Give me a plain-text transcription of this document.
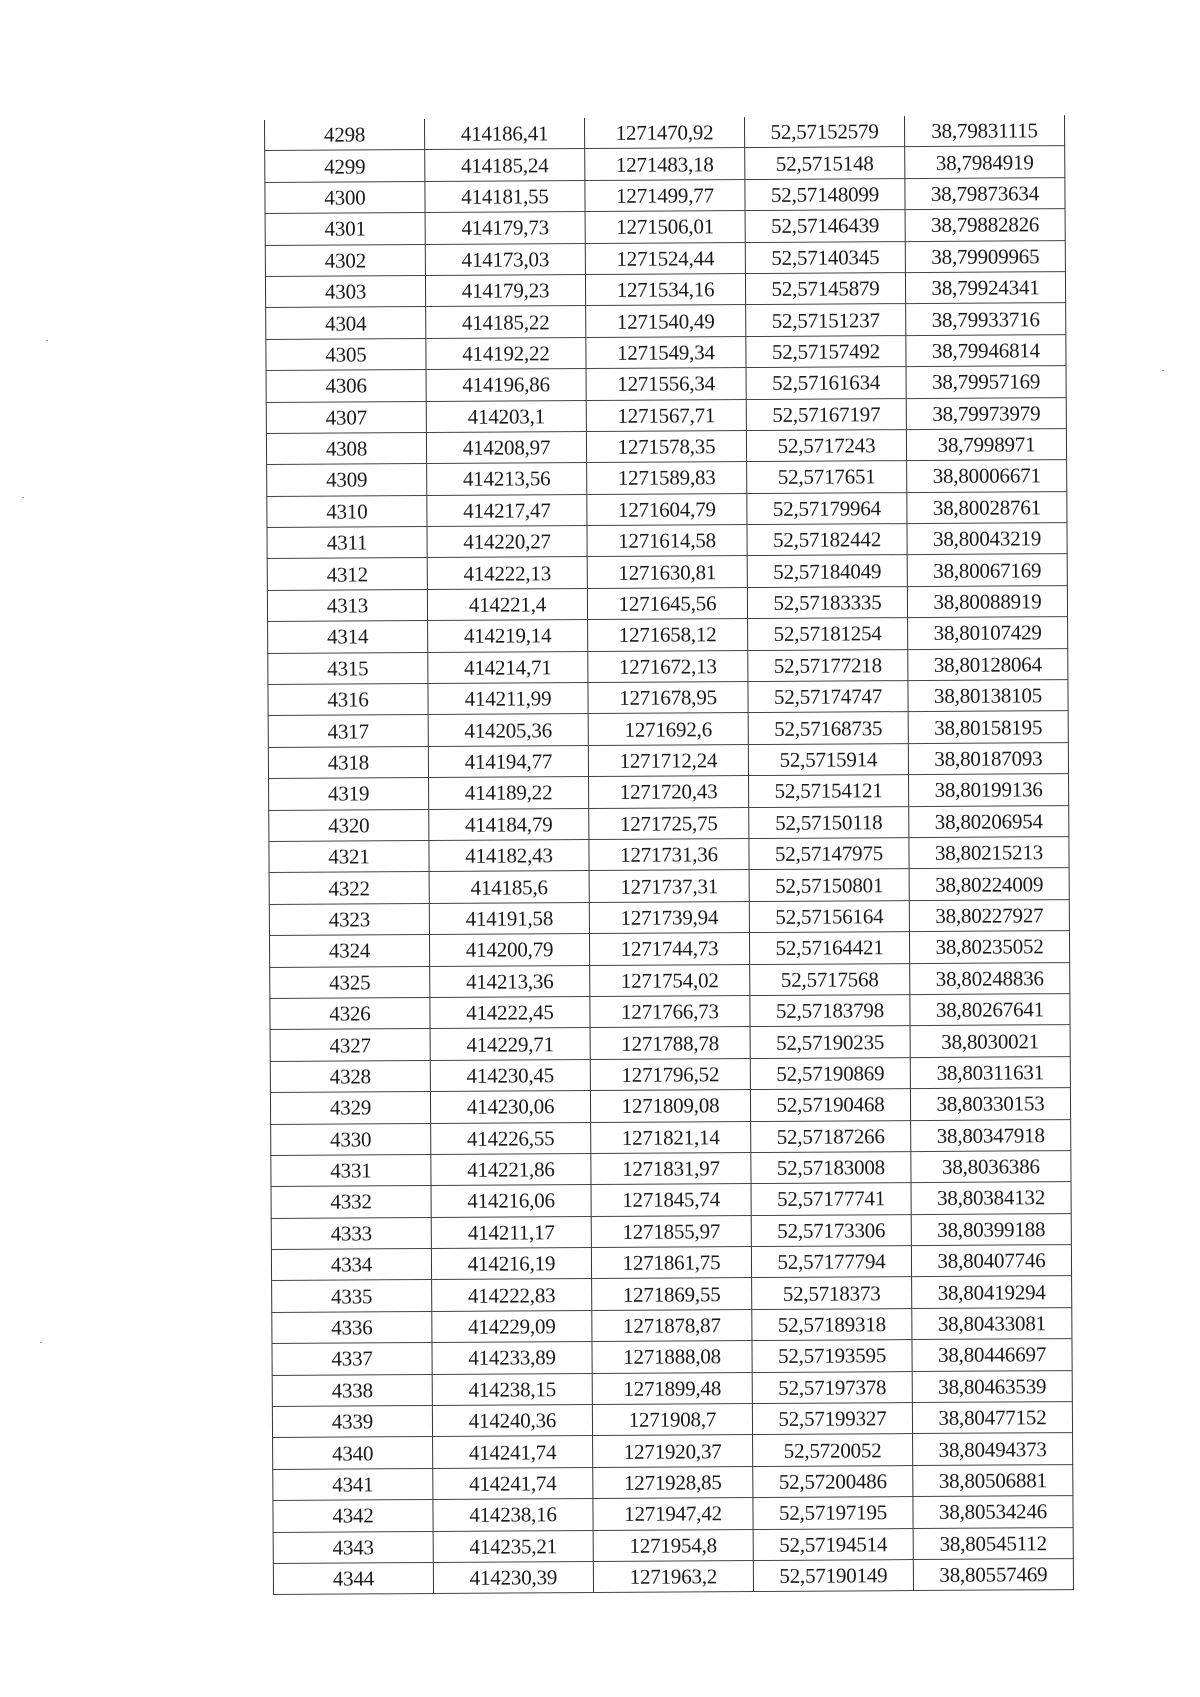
4298	414186,41	1271470,92	52,57152579	38,79831115
4299	414185,24	1271483,18	52,5715148	38,7984919
4300	414181,55	1271499,77	52,57148099	38,79873634
4301	414179,73	1271506,01	52,57146439	38,79882826
4302	414173,03	1271524,44	52,57140345	38,79909965
4303	414179,23	1271534,16	52,57145879	38,79924341
4304	414185,22	1271540,49	52,57151237	38,79933716
4305	414192,22	1271549,34	52,57157492	38,79946814
4306	414196,86	1271556,34	52,57161634	38,79957169
4307	414203,1	1271567,71	52,57167197	38,79973979
4308	414208,97	1271578,35	52,5717243	38,7998971
4309	414213,56	1271589,83	52,5717651	38,80006671
4310	414217,47	1271604,79	52,57179964	38,80028761
4311	414220,27	1271614,58	52,57182442	38,80043219
4312	414222,13	1271630,81	52,57184049	38,80067169
4313	414221,4	1271645,56	52,57183335	38,80088919
4314	414219,14	1271658,12	52,57181254	38,80107429
4315	414214,71	1271672,13	52,57177218	38,80128064
4316	414211,99	1271678,95	52,57174747	38,80138105
4317	414205,36	1271692,6	52,57168735	38,80158195
4318	414194,77	1271712,24	52,5715914	38,80187093
4319	414189,22	1271720,43	52,57154121	38,80199136
4320	414184,79	1271725,75	52,57150118	38,80206954
4321	414182,43	1271731,36	52,57147975	38,80215213
4322	414185,6	1271737,31	52,57150801	38,80224009
4323	414191,58	1271739,94	52,57156164	38,80227927
4324	414200,79	1271744,73	52,57164421	38,80235052
4325	414213,36	1271754,02	52,5717568	38,80248836
4326	414222,45	1271766,73	52,57183798	38,80267641
4327	414229,71	1271788,78	52,57190235	38,8030021
4328	414230,45	1271796,52	52,57190869	38,80311631
4329	414230,06	1271809,08	52,57190468	38,80330153
4330	414226,55	1271821,14	52,57187266	38,80347918
4331	414221,86	1271831,97	52,57183008	38,8036386
4332	414216,06	1271845,74	52,57177741	38,80384132
4333	414211,17	1271855,97	52,57173306	38,80399188
4334	414216,19	1271861,75	52,57177794	38,80407746
4335	414222,83	1271869,55	52,5718373	38,80419294
4336	414229,09	1271878,87	52,57189318	38,80433081
4337	414233,89	1271888,08	52,57193595	38,80446697
4338	414238,15	1271899,48	52,57197378	38,80463539
4339	414240,36	1271908,7	52,57199327	38,80477152
4340	414241,74	1271920,37	52,5720052	38,80494373
4341	414241,74	1271928,85	52,57200486	38,80506881
4342	414238,16	1271947,42	52,57197195	38,80534246
4343	414235,21	1271954,8	52,57194514	38,80545112
4344	414230,39	1271963,2	52,57190149	38,80557469
